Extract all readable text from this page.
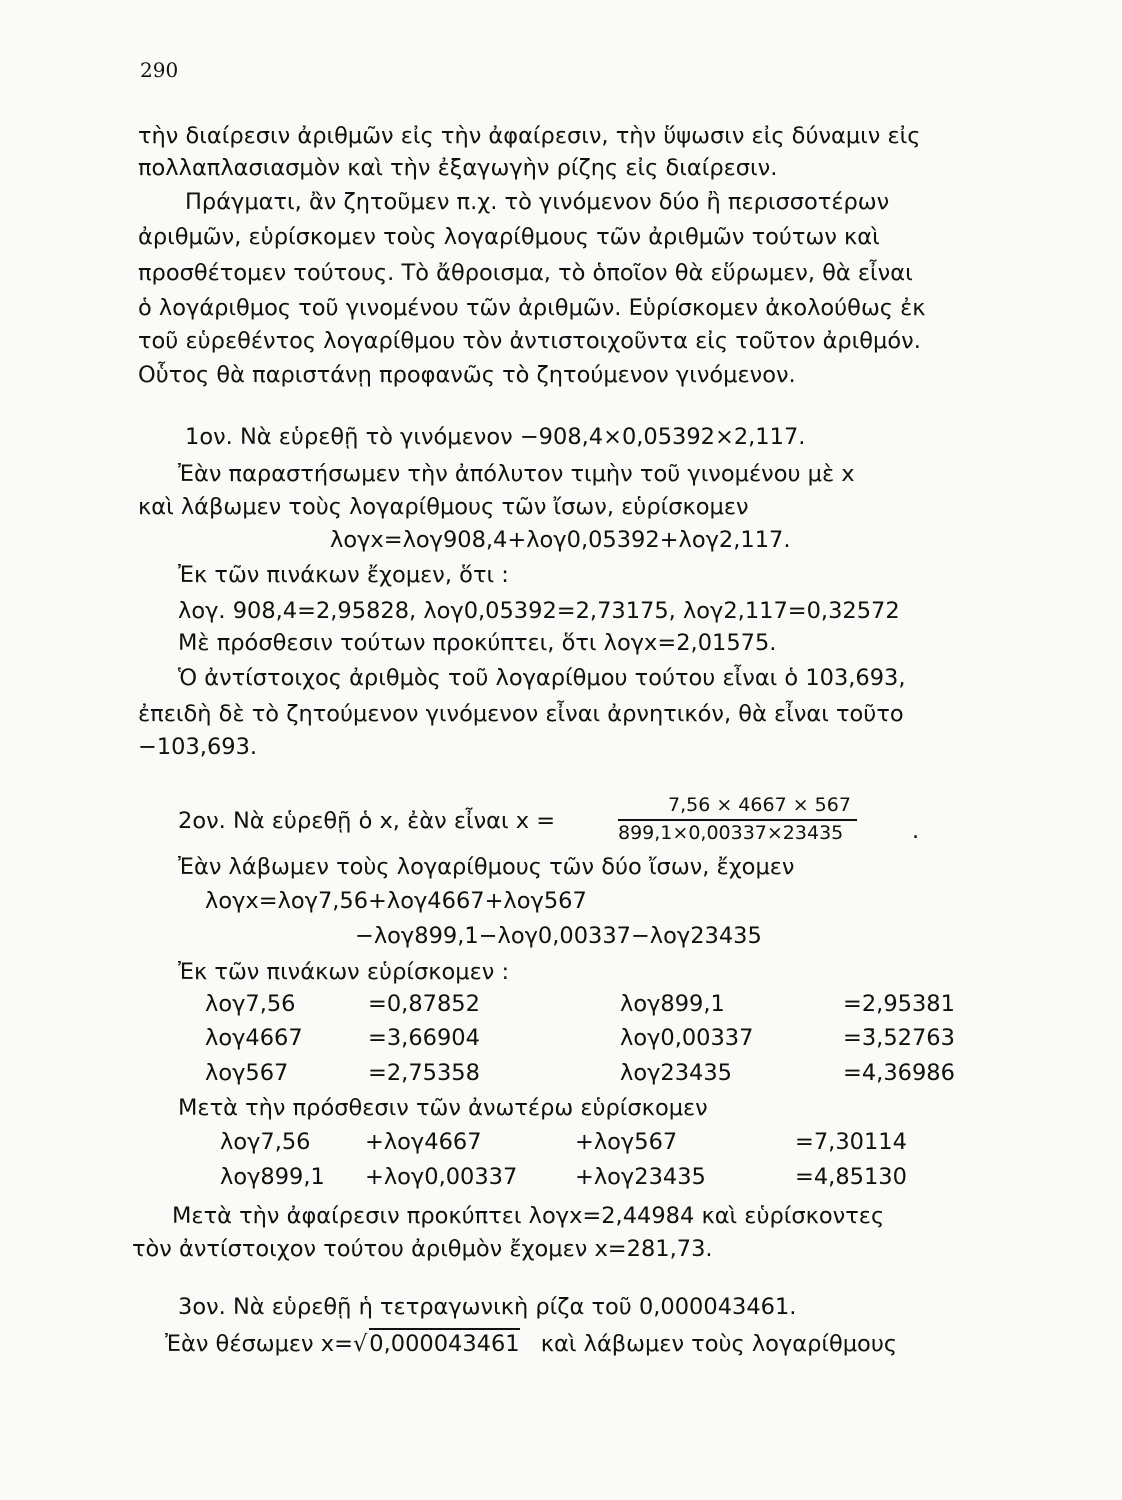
290
τὴν διαίρεσιν ἀριθμῶν εἰς τὴν ἀφαίρεσιν, τὴν ὕψωσιν εἰς δύναμιν εἰς
πολλαπλασιασμὸν καὶ τὴν ἐξαγωγὴν ρίζης εἰς διαίρεσιν.
Πράγματι, ἂν ζητοῦμεν π.χ. τὸ γινόμενον δύο ἢ περισσοτέρων
ἀριθμῶν, εὑρίσκομεν τοὺς λογαρίθμους τῶν ἀριθμῶν τούτων καὶ
προσθέτομεν τούτους. Τὸ ἄθροισμα, τὸ ὁποῖον θὰ εὕρωμεν, θὰ εἶναι
ὁ λογάριθμος τοῦ γινομένου τῶν ἀριθμῶν. Εὑρίσκομεν ἀκολούθως ἐκ
τοῦ εὑρεθέντος λογαρίθμου τὸν ἀντιστοιχοῦντα εἰς τοῦτον ἀριθμόν.
Οὗτος θὰ παριστάνῃ προφανῶς τὸ ζητούμενον γινόμενον.
1ον. Νὰ εὑρεθῇ τὸ γινόμενον −908,4×0,05392×2,117.
Ἐὰν παραστήσωμεν τὴν ἀπόλυτον τιμὴν τοῦ γινομένου μὲ x
καὶ λάβωμεν τοὺς λογαρίθμους τῶν ἴσων, εὑρίσκομεν
λογx=λογ908,4+λογ0,05392+λογ2,117.
Ἐκ τῶν πινάκων ἔχομεν, ὅτι :
λογ. 908,4=2,95828, λογ0,05392=2,73175, λογ2,117=0,32572
Μὲ πρόσθεσιν τούτων προκύπτει, ὅτι λογx=2,01575.
Ὁ ἀντίστοιχος ἀριθμὸς τοῦ λογαρίθμου τούτου εἶναι ὁ 103,693,
ἐπειδὴ δὲ τὸ ζητούμενον γινόμενον εἶναι ἀρνητικόν, θὰ εἶναι τοῦτο
−103,693.
2ον. Νὰ εὑρεθῇ ὁ x, ἐὰν εἶναι x =	$\frac{7,56 \times 4667 \times 567}{899,1\times 0,00337\times 23435}$ .
Ἐὰν λάβωμεν τοὺς λογαρίθμους τῶν δύο ἴσων, ἔχομεν
λογx=λογ7,56+λογ4667+λογ567
−λογ899,1−λογ0,00337−λογ23435
Ἐκ τῶν πινάκων εὑρίσκομεν :
λογ7,56	=0,87852	λογ899,1	=2,95381
λογ4667	=3,66904	λογ0,00337	=3̄,52763
λογ567	=2,75358	λογ23435	=4,36986
Μετὰ τὴν πρόσθεσιν τῶν ἀνωτέρω εὑρίσκομεν
λογ7,56 +λογ4667	+λογ567	=7,30114
λογ899,1 +λογ0,00337	+λογ23435	=4,85130
Μετὰ τὴν ἀφαίρεσιν προκύπτει λογx=2,44984 καὶ εὑρίσκοντες
τὸν ἀντίστοιχον τούτου ἀριθμὸν ἔχομεν x=281,73.
3ον. Νὰ εὑρεθῇ ἡ τετραγωνικὴ ρίζα τοῦ 0,000043461.
Ἐὰν θέσωμεν x=√0,000043461 καὶ λάβωμεν τοὺς λογαρίθμους
